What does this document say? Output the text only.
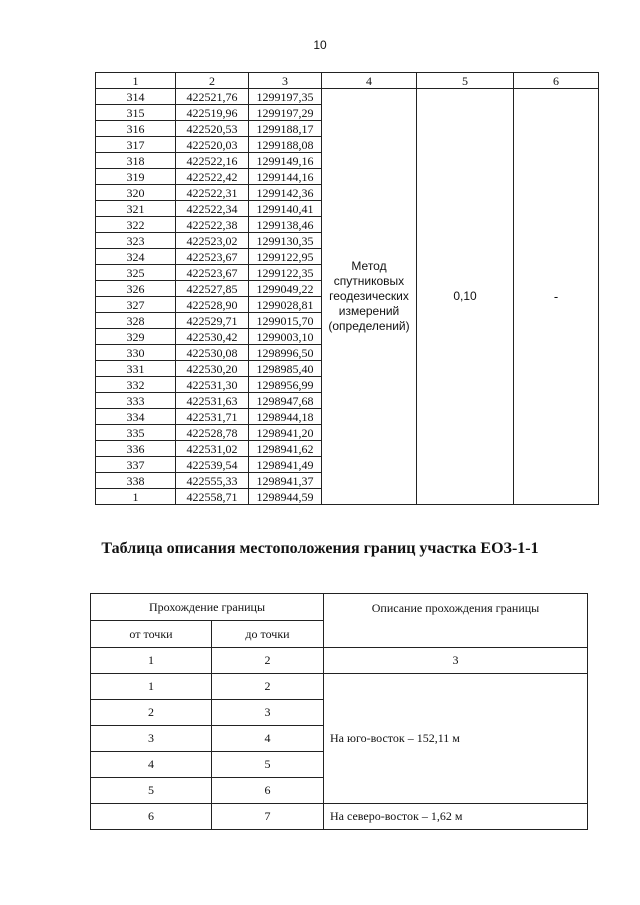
10
1	2	3	4	5	6
314	422521,76	1299197,35	Метод спутниковых геодезических измерений (определений)	0,10	-
315	422519,96	1299197,29			
316	422520,53	1299188,17			
317	422520,03	1299188,08			
318	422522,16	1299149,16			
319	422522,42	1299144,16			
320	422522,31	1299142,36			
321	422522,34	1299140,41			
322	422522,38	1299138,46			
323	422523,02	1299130,35			
324	422523,67	1299122,95			
325	422523,67	1299122,35			
326	422527,85	1299049,22			
327	422528,90	1299028,81			
328	422529,71	1299015,70			
329	422530,42	1299003,10			
330	422530,08	1298996,50			
331	422530,20	1298985,40			
332	422531,30	1298956,99			
333	422531,63	1298947,68			
334	422531,71	1298944,18			
335	422528,78	1298941,20			
336	422531,02	1298941,62			
337	422539,54	1298941,49			
338	422555,33	1298941,37			
1	422558,71	1298944,59			
Таблица описания местоположения границ участка ЕОЗ-1-1
Прохождение границы		Описание прохождения границы
от точки	до точки	
1	2	3
1	2	На юго-восток – 152,11 м
2	3	
3	4	
4	5	
5	6	
6	7	На северо-восток – 1,62 м
